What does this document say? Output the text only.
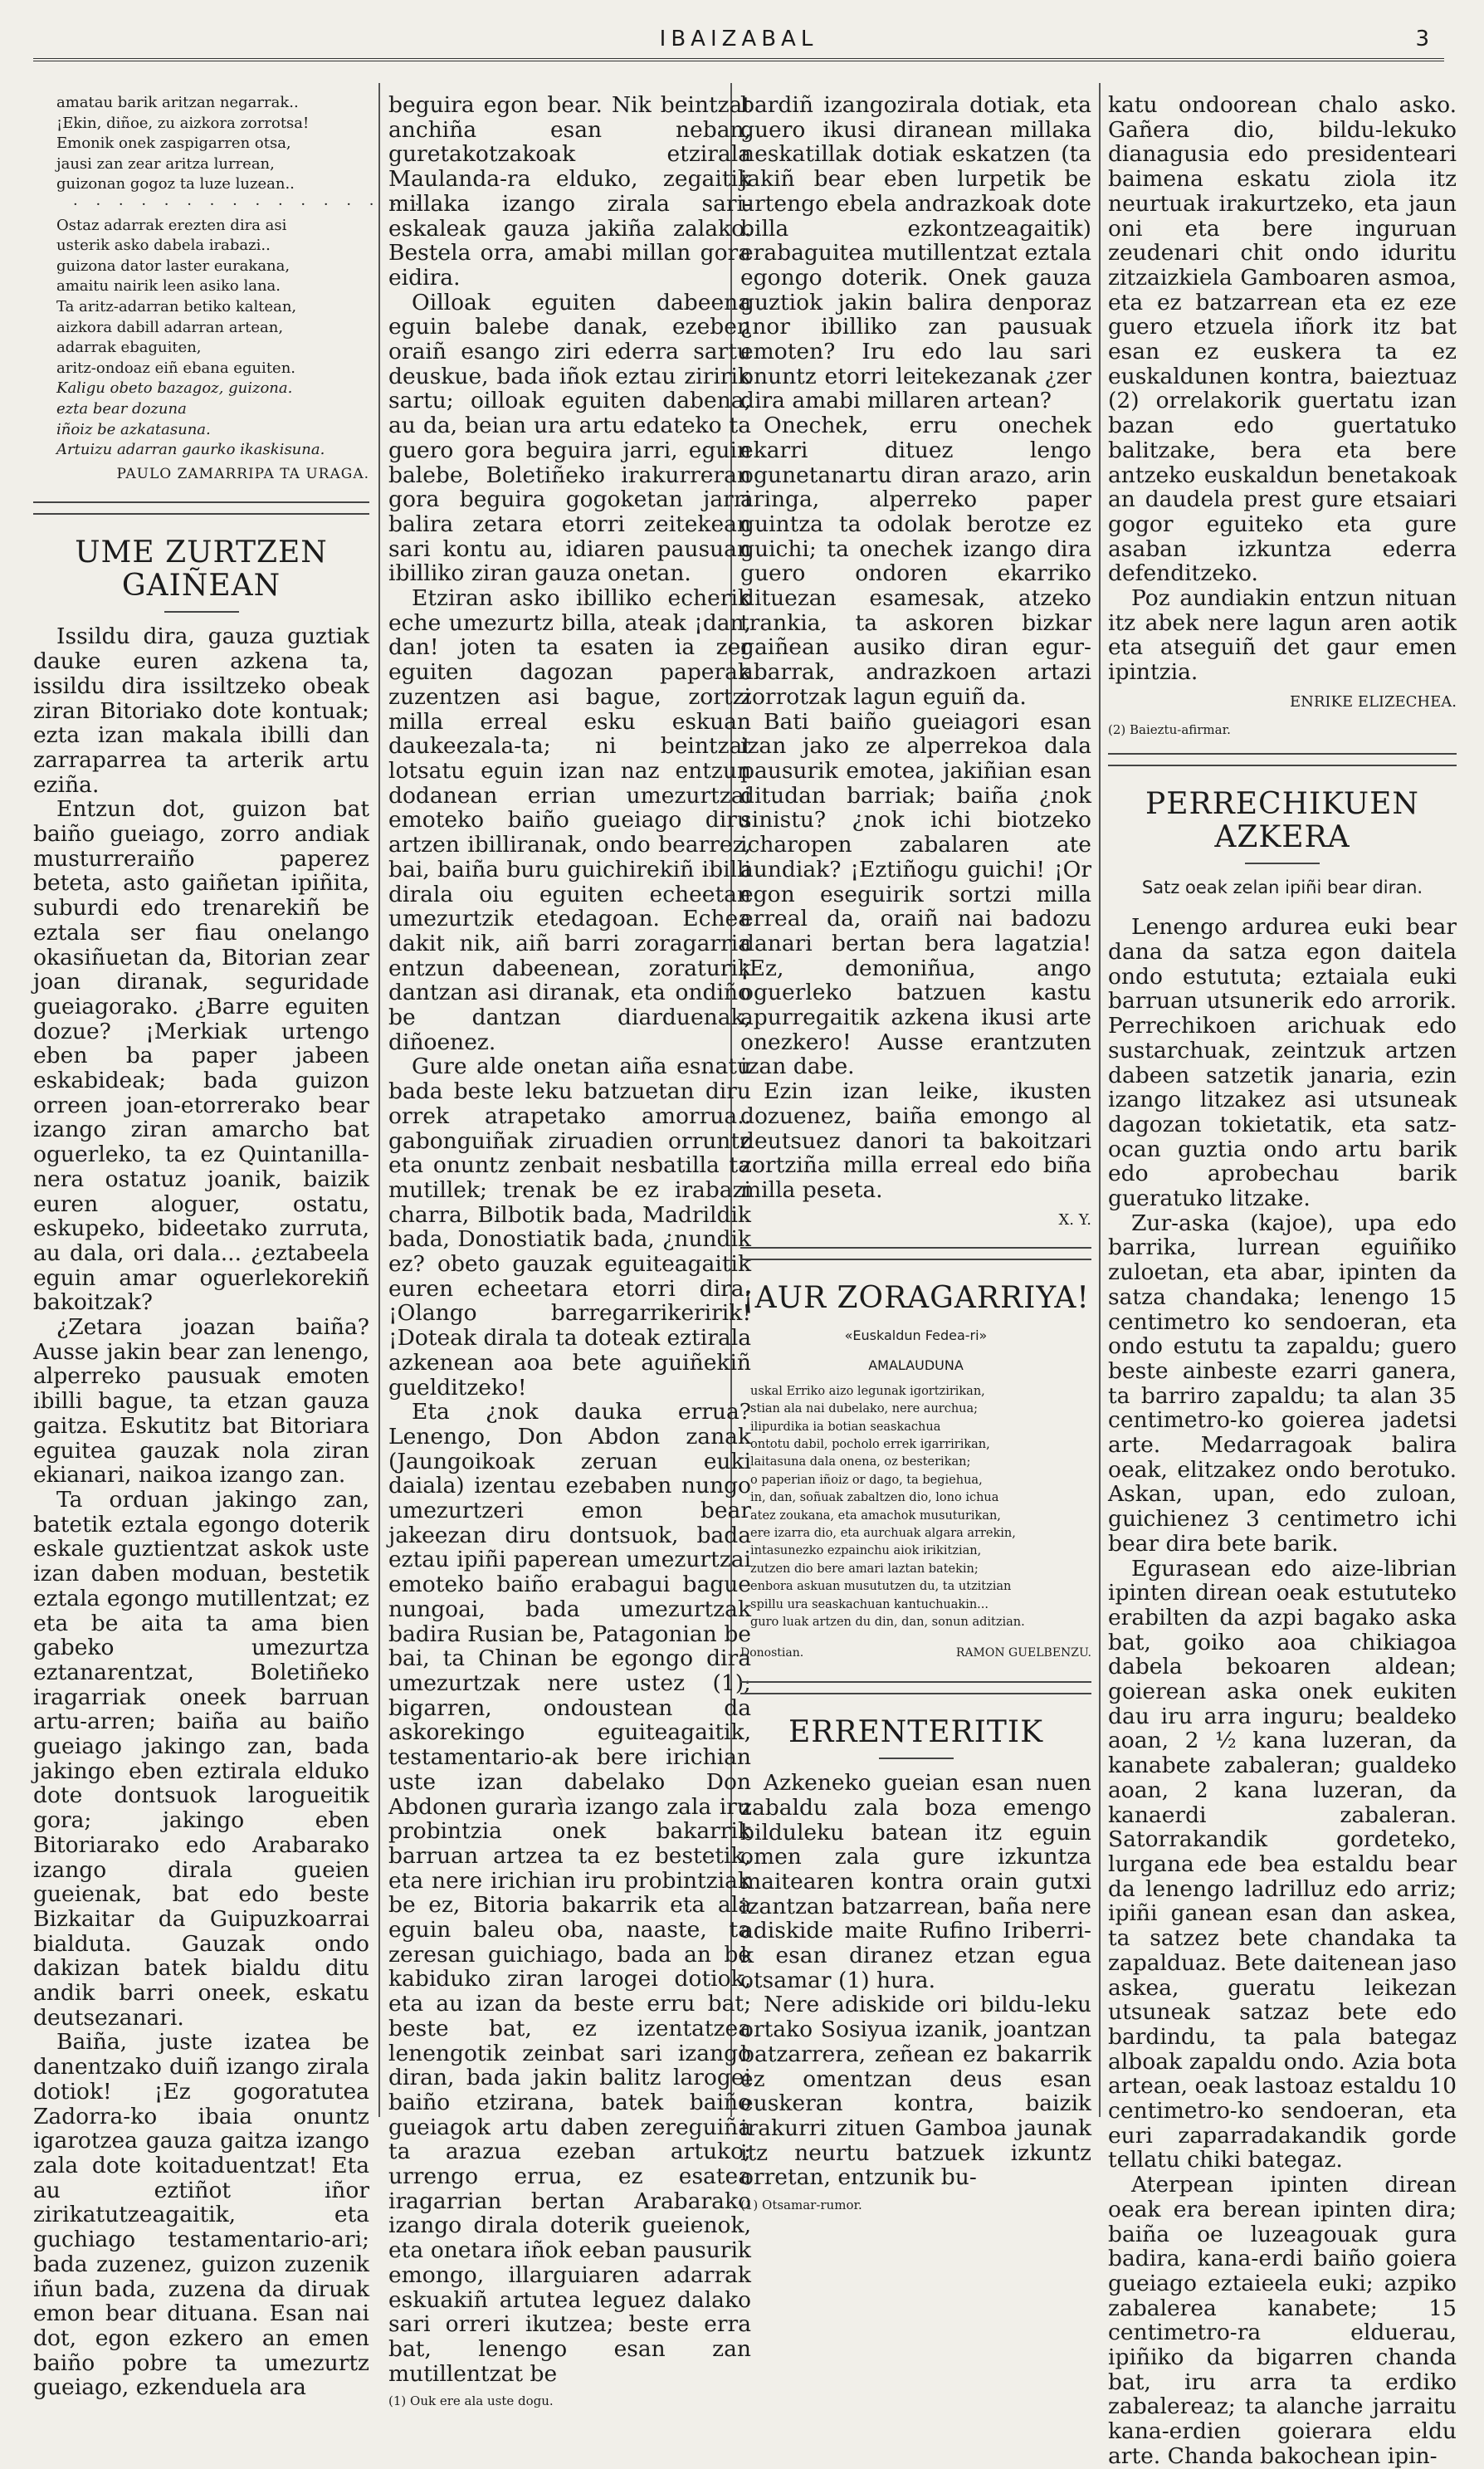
IBAIZABAL	3
amatau barik aritzan negarrak..
¡Ekin, diñoe, zu aizkora zorrotsa!
Emonik onek zaspigarren otsa,
jausi zan zear aritza lurrean,
guizonan gogoz ta luze luzean..
· · · · · · · · · · · · · · · ·
Ostaz adarrak erezten dira asi
usterik asko dabela irabazi..
guizona dator laster eurakana,
amaitu nairik leen asiko lana.
Ta aritz-adarran betiko kaltean,
aizkora dabill adarran artean,
adarrak ebaguiten,
aritz-ondoaz eiñ ebana eguiten.
Kaligu obeto bazagoz, guizona.
ezta bear dozuna
iñoiz be azkatasuna.
Artuizu adarran gaurko ikaskisuna.
PAULO ZAMARRIPA TA URAGA.
UME ZURTZEN GAIÑEAN

Issildu dira, gauza guztiak dauke euren azkena ta, issildu dira issiltzeko obeak ziran Bitoriako dote kontuak; ezta izan makala ibilli dan zarraparrea ta arterik artu eziña.

Entzun dot, guizon bat baiño gueiago, zorro andiak musturreraiño paperez beteta, asto gaiñetan ipiñita, suburdi edo trenarekiñ be eztala ser fiau onelango okasiñuetan da, Bitorian zear joan diranak, seguridade gueiagorako. ¿Barre eguiten dozue? ¡Merkiak urtengo eben ba paper jabeen eskabideak; bada guizon orreen joan-etorrerako bear izango ziran amarcho bat oguerleko, ta ez Quintanilla-nera ostatuz joanik, baizik euren aloguer, ostatu, eskupeko, bideetako zurruta, au dala, ori dala... ¿eztabeela eguin amar oguerlekorekiñ bakoitzak?

¿Zetara joazan baiña? Ausse jakin bear zan lenengo, alperreko pausuak emoten ibilli bague, ta etzan gauza gaitza. Eskutitz bat Bitoriara eguitea gauzak nola ziran ekianari, naikoa izango zan.

Ta orduan jakingo zan, batetik eztala egongo doterik eskale guztientzat askok uste izan daben moduan, bestetik eztala egongo mutillentzat; ez eta be aita ta ama bien gabeko umezurtza eztanarentzat, Boletiñeko iragarriak oneek barruan artu-arren; baiña au baiño gueiago jakingo zan, bada jakingo eben eztirala elduko dote dontsuok larogueitik gora; jakingo eben Bitoriarako edo Arabarako izango dirala gueien gueienak, bat edo beste Bizkaitar da Guipuzkoarrai bialduta. Gauzak ondo dakizan batek bialdu ditu andik barri oneek, eskatu deutsezanari.

Baiña, juste izatea be danentzako duiñ izango zirala dotiok! ¡Ez gogoratutea Zadorra-ko ibaia onuntz igarotzea gauza gaitza izango zala dote koitaduentzat! Eta au eztiñot iñor zirikatutzeagaitik, eta guchiago testamentario-ari; bada zuzenez, guizon zuzenik iñun bada, zuzena da diruak emon bear dituana. Esan nai dot, egon ezkero an emen baiño pobre ta umezurtz gueiago, ezkenduela ara

beguira egon bear. Nik beintzat anchiña esan neban, guretakotzakoak etzirala Maulanda-ra elduko, zegaitik millaka izango zirala sari-eskaleak gauza jakiña zalako. Bestela orra, amabi millan gora eidira.

Oilloak eguiten dabeena eguin balebe danak, ezeben oraiñ esango ziri ederra sartu deuskue, bada iñok eztau ziririk sartu; oilloak eguiten dabena, au da, beian ura artu edateko ta guero gora beguira jarri, eguin balebe, Boletiñeko irakurreran gora beguira gogoketan jarri balira zetara etorri zeitekean sari kontu au, idiaren pausuan ibilliko ziran gauza onetan.

Etziran asko ibilliko echerik eche umezurtz billa, ateak ¡dan, dan! joten ta esaten ia zer eguiten dagozan paperak zuzentzen asi bague, zortzi milla erreal esku eskuan daukeezala-ta; ni beintzat lotsatu eguin izan naz entzun dodanean errian umezurtzai emoteko baiño gueiago diru artzen ibilliranak, ondo bearrez, bai, baiña buru guichirekiñ ibilli dirala oiu eguiten echeetan umezurtzik etedagoan. Echea dakit nik, aiñ barri zoragarria entzun dabeenean, zoraturik dantzan asi diranak, eta ondiño be dantzan diarduenak, diñoenez.

Gure alde onetan aiña esnatu bada beste leku batzuetan diru orrek atrapetako amorrua.. gabonguiñak ziruadien orruntz eta onuntz zenbait nesbatilla ta mutillek; trenak be ez irabazi charra, Bilbotik bada, Madrildik bada, Donostiatik bada, ¿nundik ez? obeto gauzak eguiteagaitik euren echeetara etorri dira. ¡Olango barregarrikeririk! ¡Doteak dirala ta doteak eztirala azkenean aoa bete aguiñekiñ guelditzeko!

Eta ¿nok dauka errua? Lenengo, Don Abdon zanak (Jaungoikoak zeruan euki daiala) izentau ezebaben nungo umezurtzeri emon bear jakeezan diru dontsuok, bada eztau ipiñi paperean umezurtzai emoteko baiño erabagui bague nungoai, bada umezurtzak badira Rusian be, Patagonian be bai, ta Chinan be egongo dira umezurtzak nere ustez (1); bigarren, ondoustean da askorekingo eguiteagaitik, testamentario-ak bere irichian uste izan dabelako Don Abdonen gurarìa izango zala iru probintzia onek bakarrik barruan artzea ta ez bestetik, eta nere irichian iru probintziak be ez, Bitoria bakarrik eta ala eguin baleu oba, naaste, ta zeresan guichiago, bada an be kabiduko ziran larogei dotiok, eta au izan da beste erru bat; beste bat, ez izentatzea lenengotik zeinbat sari izango diran, bada jakin balitz larogei baiño etzirana, batek baiño gueiagok artu daben zereguiña ta arazua ezeban artuko; urrengo errua, ez esatea iragarrian bertan Arabarako izango dirala doterik gueienok, eta onetara iñok eeban pausurik emongo, illarguiaren adarrak eskuakiñ artutea leguez dalako sari orreri ikutzea; beste erra bat, lenengo esan zan mutillentzat be

(1) Ouk ere ala uste dogu.

bardiñ izangozirala dotiak, eta guero ikusi diranean millaka neskatillak dotiak eskatzen (ta jakiñ bear eben lurpetik be urtengo ebela andrazkoak dote billa ezkontzeagaitik) erabaguitea mutillentzat eztala egongo doterik. Onek gauza guztiok jakin balira denporaz ¿nor ibilliko zan pausuak emoten? Iru edo lau sari onuntz etorri leitekezanak ¿zer dira amabi millaren artean?

Onechek, erru onechek ekarri dituez lengo ogunetanartu diran arazo, arin aringa, alperreko paper guintza ta odolak berotze ez guichi; ta onechek izango dira guero ondoren ekarriko dituezan esamesak, atzeko trankia, ta askoren bizkar gaiñean ausiko diran egur-abarrak, andrazkoen artazi zorrotzak lagun eguiñ da.

Bati baiño gueiagori esan izan jako ze alperrekoa dala pausurik emotea, jakiñian esan ditudan barriak; baiña ¿nok sinistu? ¿nok ichi biotzeko icharopen zabalaren ate aundiak? ¡Eztiñogu guichi! ¡Or egon eseguirik sortzi milla erreal da, oraiñ nai badozu danari bertan bera lagatzia! ¡Ez, demoniñua, ango oguerleko batzuen kastu apurregaitik azkena ikusi arte onezkero! Ausse erantzuten izan dabe.

Ezin izan leike, ikusten dozuenez, baiña emongo al deutsuez danori ta bakoitzari zortziña milla erreal edo biña milla peseta.

X. Y.
¡AUR ZORAGARRIYA!
«Euskaldun Fedea-ri»
AMALAUDUNA
uskal Erriko aizo legunak igortzirikan,
stian ala nai dubelako, nere aurchua;
ilipurdika ia botian seaskachua
ontotu dabil, pocholo errek igarririkan,
laitasuna dala onena, oz besterikan;
o paperian iñoiz or dago, ta begiehua,
in, dan, soñuak zabaltzen dio, lono ichua
atez zoukana, eta amachok musuturikan,
ere izarra dio, eta aurchuak algara arrekin,
intasunezko ezpainchu aiok irikitzian,
zutzen dio bere amari laztan batekin;
enbora askuan musututzen du, ta utzitzian
spillu ura seaskachuan kantuchuakin...
guro luak artzen du din, dan, sonun aditzian.
Donostian.	RAMON GUELBENZU.
ERRENTERITIK

Azkeneko gueian esan nuen zabaldu zala boza emengo bilduleku batean itz eguin omen zala gure izkuntza maitearen kontra orain gutxi izantzan batzarrean, baña nere adiskide maite Rufino Iriberri-k esan diranez etzan egua otsamar (1) hura.

Nere adiskide ori bildu-leku ortako Sosiyua izanik, joantzan batzarrera, zeñean ez bakarrik ez omentzan deus esan euskeran kontra, baizik irakurri zituen Gamboa jaunak itz neurtu batzuek izkuntz orretan, entzunik bu-

(1) Otsamar-rumor.

katu ondoorean chalo asko. Gañera dio, bildu-lekuko dianagusia edo presidenteari baimena eskatu ziola itz neurtuak irakurtzeko, eta jaun oni eta bere inguruan zeudenari chit ondo iduritu zitzaizkiela Gamboaren asmoa, eta ez batzarrean eta ez eze guero etzuela iñork itz bat esan ez euskera ta ez euskaldunen kontra, baieztuaz (2) orrelakorik guertatu izan bazan edo guertatuko balitzake, bera eta bere antzeko euskaldun benetakoak an daudela prest gure etsaiari gogor eguiteko eta gure asaban izkuntza ederra defenditzeko.

Poz aundiakin entzun nituan itz abek nere lagun aren aotik eta atseguiñ det gaur emen ipintzia.

ENRIKE ELIZECHEA.
(2) Baieztu-afirmar.
PERRECHIKUEN AZKERA
Satz oeak zelan ipiñi bear diran.

Lenengo ardurea euki bear dana da satza egon daitela ondo estututa; eztaiala euki barruan utsunerik edo arrorik. Perrechikoen arichuak edo sustarchuak, zeintzuk artzen dabeen satzetik janaria, ezin izango litzakez asi utsuneak dagozan tokietatik, eta satz-ocan guztia ondo artu barik edo aprobechau barik gueratuko litzake.

Zur-aska (kajoe), upa edo barrika, lurrean eguiñiko zuloetan, eta abar, ipinten da satza chandaka; lenengo 15 centimetro ko sendoeran, eta ondo estutu ta zapaldu; guero beste ainbeste ezarri ganera, ta barriro zapaldu; ta alan 35 centimetro-ko goierea jadetsi arte. Medarragoak balira oeak, elitzakez ondo berotuko. Askan, upan, edo zuloan, guichienez 3 centimetro ichi bear dira bete barik.

Egurasean edo aize-librian ipinten direan oeak estututeko erabilten da azpi bagako aska bat, goiko aoa chikiagoa dabela bekoaren aldean; goierean aska onek eukiten dau iru arra inguru; bealdeko aoan, 2 ½ kana luzeran, da kanabete zabaleran; gualdeko aoan, 2 kana luzeran, da kanaerdi zabaleran. Satorrakandik gordeteko, lurgana ede bea estaldu bear da lenengo ladrilluz edo arriz; ipiñi ganean esan dan askea, ta satzez bete chandaka ta zapalduaz. Bete daitenean jaso askea, gueratu leikezan utsuneak satzaz bete edo bardindu, ta pala bategaz alboak zapaldu ondo. Azia bota artean, oeak lastoaz estaldu 10 centimetro-ko sendoeran, eta euri zaparradakandik gorde tellatu chiki bategaz.

Aterpean ipinten direan oeak era berean ipinten dira; baiña oe luzeagouak gura badira, kana-erdi baiño goiera gueiago eztaieela euki; azpiko zabalerea kanabete; 15 centimetro-ra elduerau, ipiñiko da bigarren chanda bat, iru arra ta erdiko zabalereaz; ta alanche jarraitu kana-erdien goierara eldu arte. Chanda bakochean ipin-
